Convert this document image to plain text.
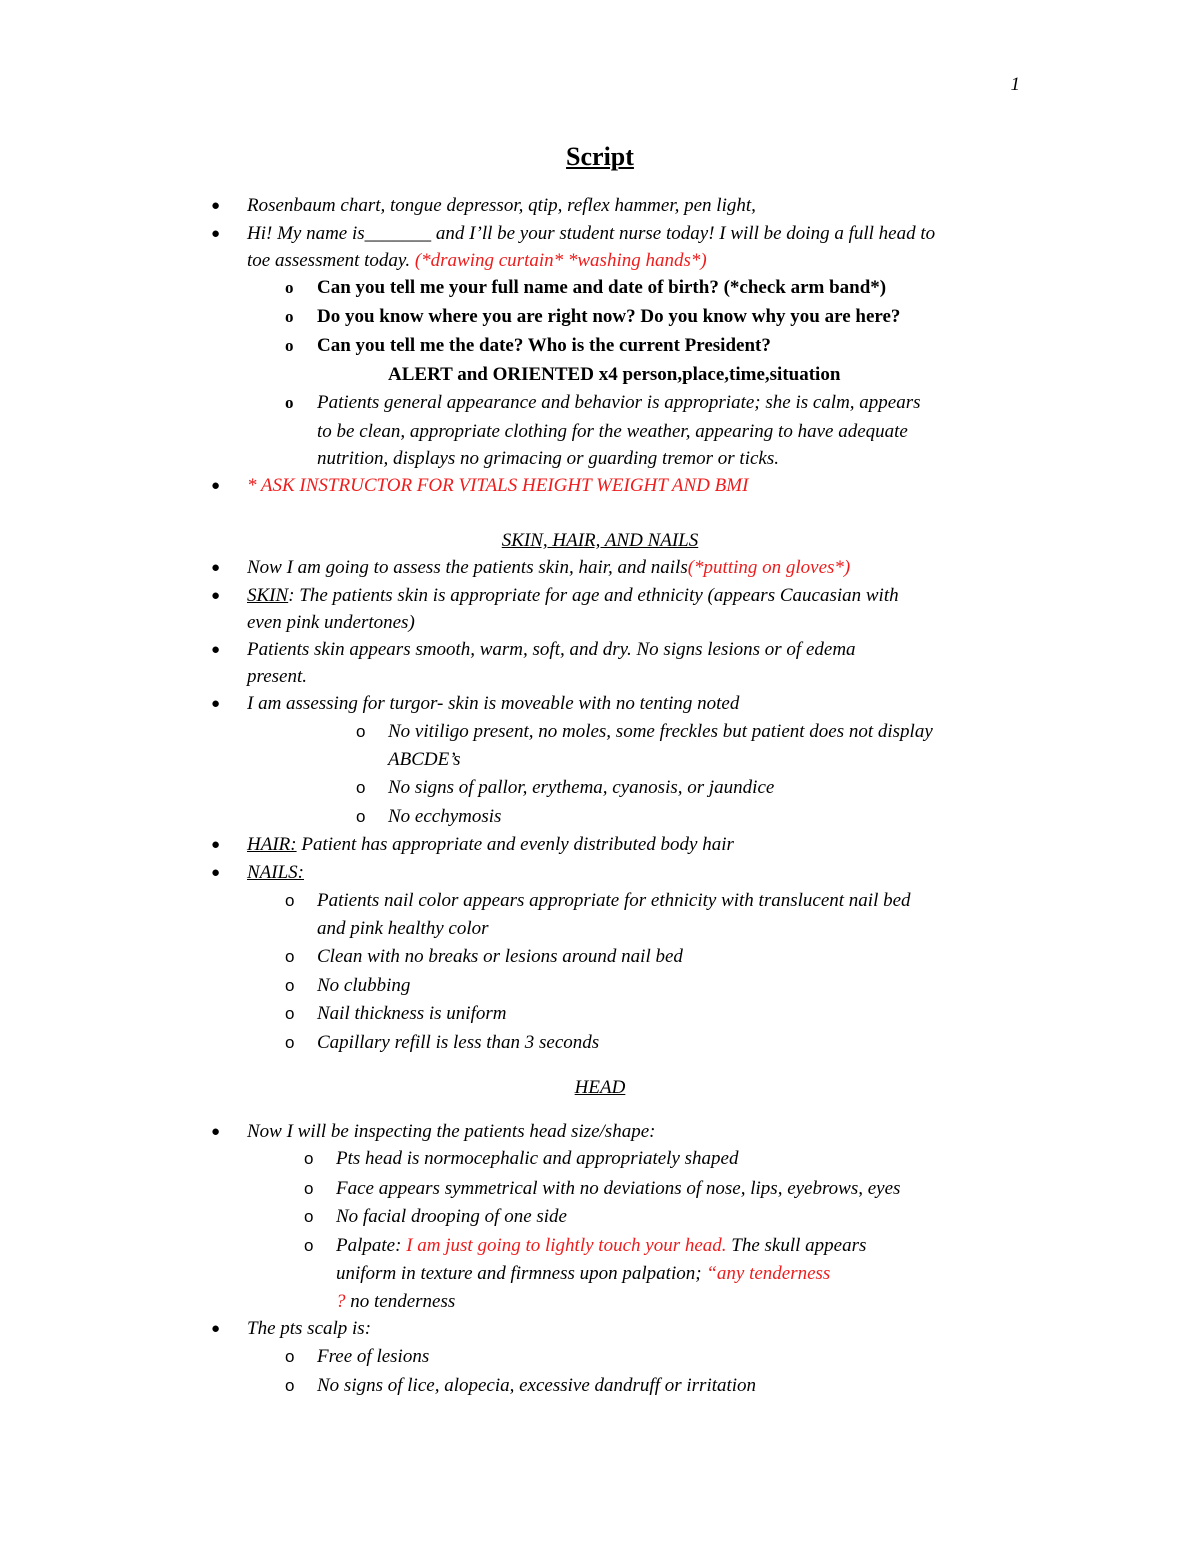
1
Script
● Rosenbaum chart, tongue depressor, qtip, reflex hammer, pen light,
● Hi! My name is_______ and I’ll be your student nurse today! I will be doing a full head to
toe assessment today. (*drawing curtain* *washing hands*)
o Can you tell me your full name and date of birth? (*check arm band*)
o Do you know where you are right now? Do you know why you are here?
o Can you tell me the date? Who is the current President?
ALERT and ORIENTED x4 person,place,time,situation
o Patients general appearance and behavior is appropriate; she is calm, appears
to be clean, appropriate clothing for the weather, appearing to have adequate
nutrition, displays no grimacing or guarding tremor or ticks.
● * ASK INSTRUCTOR FOR VITALS HEIGHT WEIGHT AND BMI
SKIN, HAIR, AND NAILS
● Now I am going to assess the patients skin, hair, and nails(*putting on gloves*)
● SKIN: The patients skin is appropriate for age and ethnicity (appears Caucasian with
even pink undertones)
● Patients skin appears smooth, warm, soft, and dry. No signs lesions or of edema
present.
● I am assessing for turgor- skin is moveable with no tenting noted
o No vitiligo present, no moles, some freckles but patient does not display
ABCDE’s
o No signs of pallor, erythema, cyanosis, or jaundice
o No ecchymosis
● HAIR: Patient has appropriate and evenly distributed body hair
● NAILS:
o Patients nail color appears appropriate for ethnicity with translucent nail bed
and pink healthy color
o Clean with no breaks or lesions around nail bed
o No clubbing
o Nail thickness is uniform
o Capillary refill is less than 3 seconds
HEAD
● Now I will be inspecting the patients head size/shape:
o Pts head is normocephalic and appropriately shaped
o Face appears symmetrical with no deviations of nose, lips, eyebrows, eyes
o No facial drooping of one side
o Palpate: I am just going to lightly touch your head. The skull appears
uniform in texture and firmness upon palpation; “any tenderness
? no tenderness
● The pts scalp is:
o Free of lesions
o No signs of lice, alopecia, excessive dandruff or irritation
